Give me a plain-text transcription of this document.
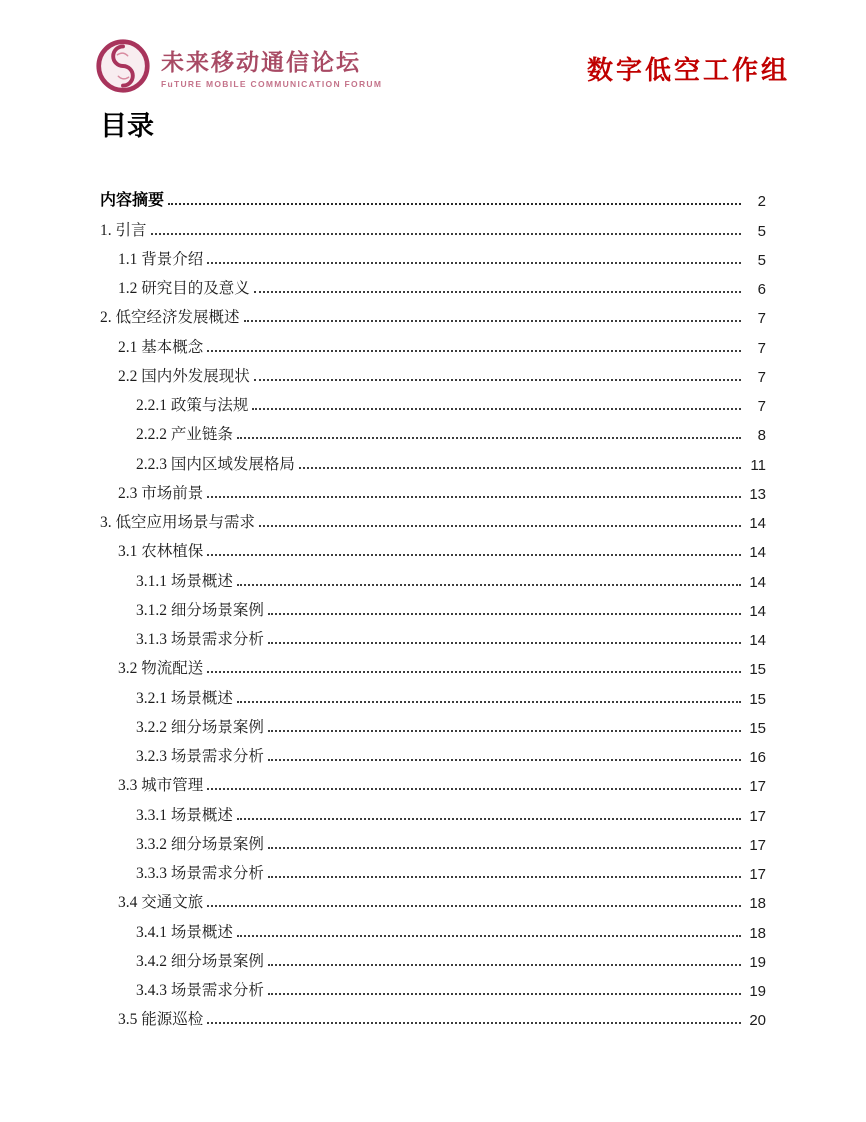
未来移动通信论坛
FuTURE MOBILE COMMUNICATION FORUM	数字低空工作组
目录
内容摘要	2
1. 引言	5
1.1 背景介绍	5
1.2 研究目的及意义	6
2. 低空经济发展概述	7
2.1 基本概念	7
2.2 国内外发展现状	7
2.2.1 政策与法规	7
2.2.2 产业链条	8
2.2.3 国内区域发展格局	11
2.3 市场前景	13
3. 低空应用场景与需求	14
3.1 农林植保	14
3.1.1 场景概述	14
3.1.2 细分场景案例	14
3.1.3 场景需求分析	14
3.2 物流配送	15
3.2.1 场景概述	15
3.2.2 细分场景案例	15
3.2.3 场景需求分析	16
3.3 城市管理	17
3.3.1 场景概述	17
3.3.2 细分场景案例	17
3.3.3 场景需求分析	17
3.4 交通文旅	18
3.4.1 场景概述	18
3.4.2 细分场景案例	19
3.4.3 场景需求分析	19
3.5 能源巡检	20
